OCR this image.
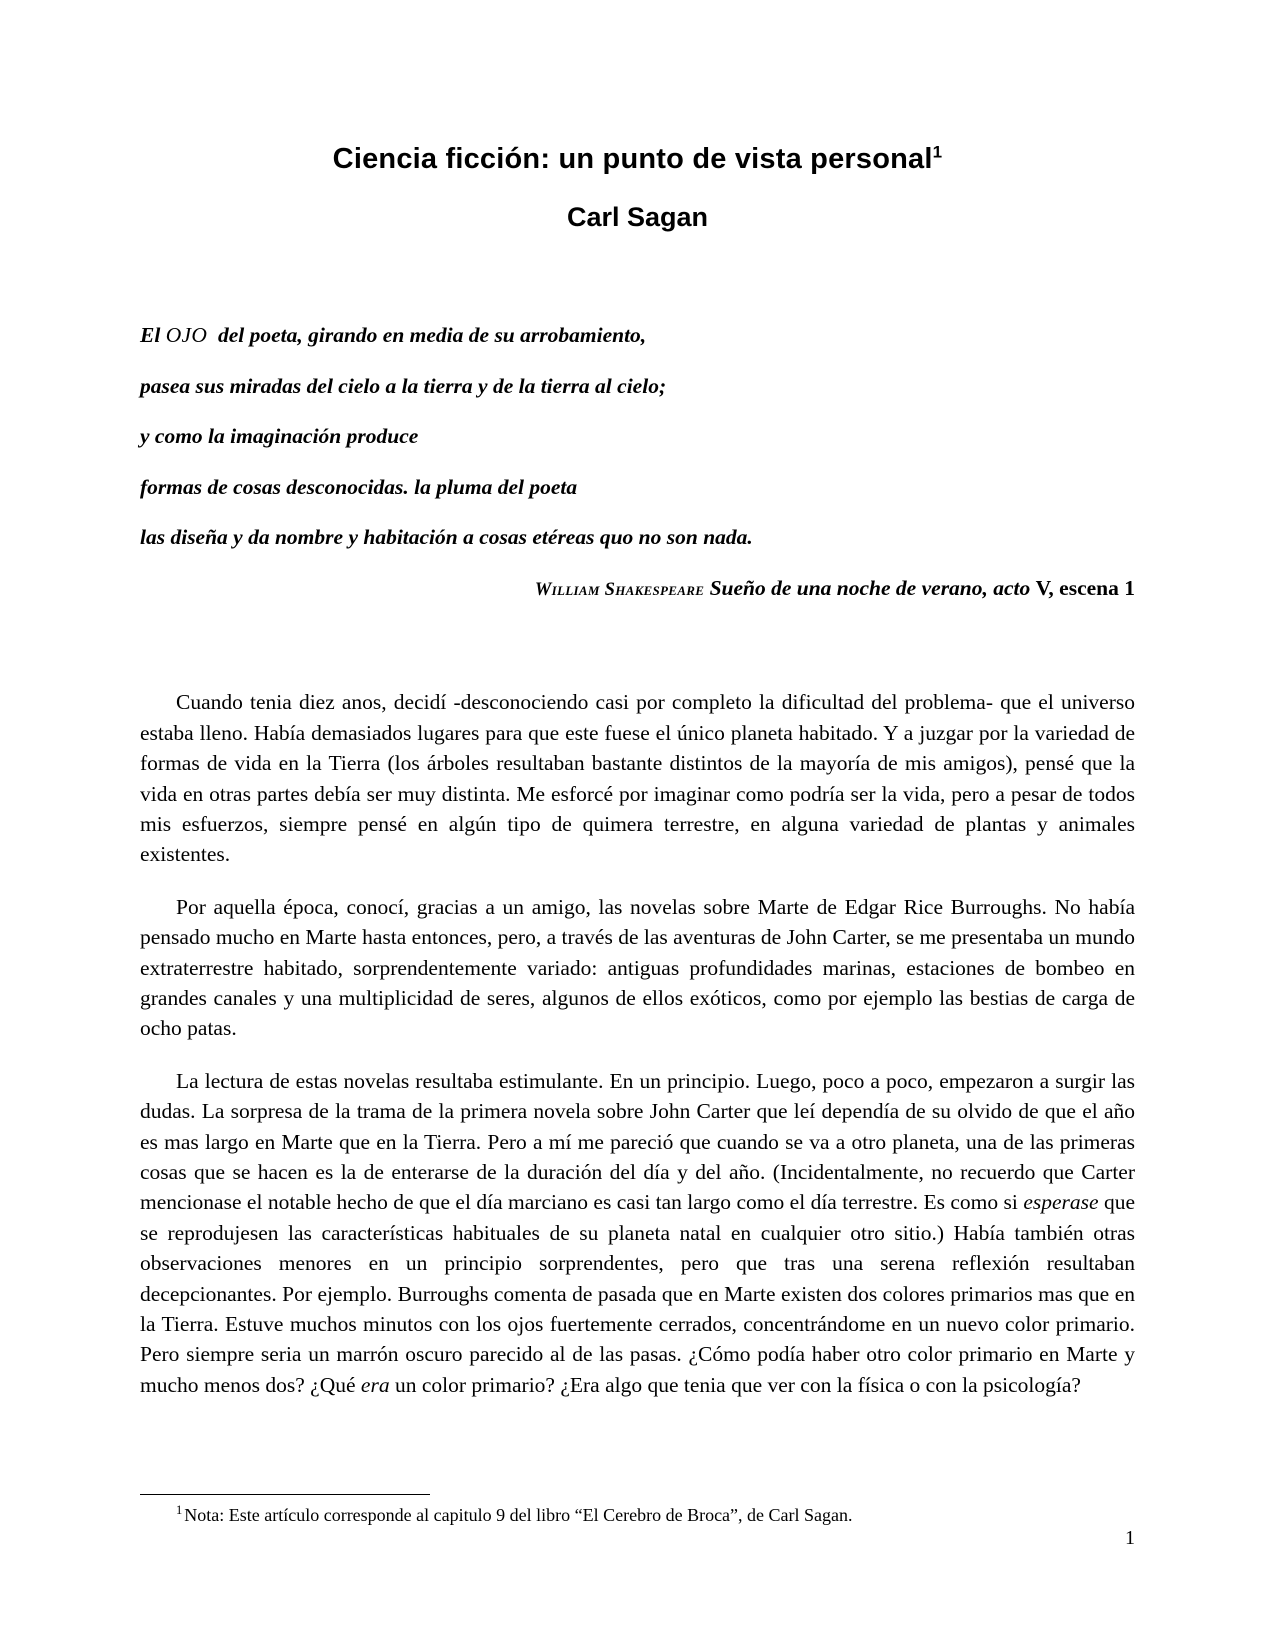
Ciencia ficción: un punto de vista personal$^1$
Carl Sagan

El OJO  del poeta, girando en media de su arrobamiento,

pasea sus miradas del cielo a la tierra y de la tierra al cielo;

y como la imaginación produce

formas de cosas desconocidas. la pluma del poeta

las diseña y da nombre y habitación a cosas etéreas quo no son nada.

William Shakespeare Sueño de una noche de verano, acto V, escena 1

Cuando tenia diez anos, decidí -desconociendo casi por completo la dificultad del problema- que el universo estaba lleno. Había demasiados lugares para que este fuese el único planeta habitado. Y a juzgar por la variedad de formas de vida en la Tierra (los árboles resultaban bastante distintos de la mayoría de mis amigos), pensé que la vida en otras partes debía ser muy distinta. Me esforcé por imaginar como podría ser la vida, pero a pesar de todos mis esfuerzos, siempre pensé en algún tipo de quimera terrestre, en alguna variedad de plantas y animales existentes.

Por aquella época, conocí, gracias a un amigo, las novelas sobre Marte de Edgar Rice Burroughs. No había pensado mucho en Marte hasta entonces, pero, a través de las aventuras de John Carter, se me presentaba un mundo extraterrestre habitado, sorprendentemente variado: antiguas profundidades marinas, estaciones de bombeo en grandes canales y una multiplicidad de seres, algunos de ellos exóticos, como por ejemplo las bestias de carga de ocho patas.

La lectura de estas novelas resultaba estimulante. En un principio. Luego, poco a poco, empezaron a surgir las dudas. La sorpresa de la trama de la primera novela sobre John Carter que leí dependía de su olvido de que el año es mas largo en Marte que en la Tierra. Pero a mí me pareció que cuando se va a otro planeta, una de las primeras cosas que se hacen es la de enterarse de la duración del día y del año. (Incidentalmente, no recuerdo que Carter mencionase el notable hecho de que el día marciano es casi tan largo como el día terrestre. Es como si esperase que se reprodujesen las características habituales de su planeta natal en cualquier otro sitio.) Había también otras observaciones menores en un principio sorprendentes, pero que tras una serena reflexión resultaban decepcionantes. Por ejemplo. Burroughs comenta de pasada que en Marte existen dos colores primarios mas que en la Tierra. Estuve muchos minutos con los ojos fuertemente cerrados, concentrándome en un nuevo color primario. Pero siempre seria un marrón oscuro parecido al de las pasas. ¿Cómo podía haber otro color primario en Marte y mucho menos dos? ¿Qué era un color primario? ¿Era algo que tenia que ver con la física o con la psicología?

$^1$ Nota: Este artículo corresponde al capitulo 9 del libro “El Cerebro de Broca”, de Carl Sagan.

1
